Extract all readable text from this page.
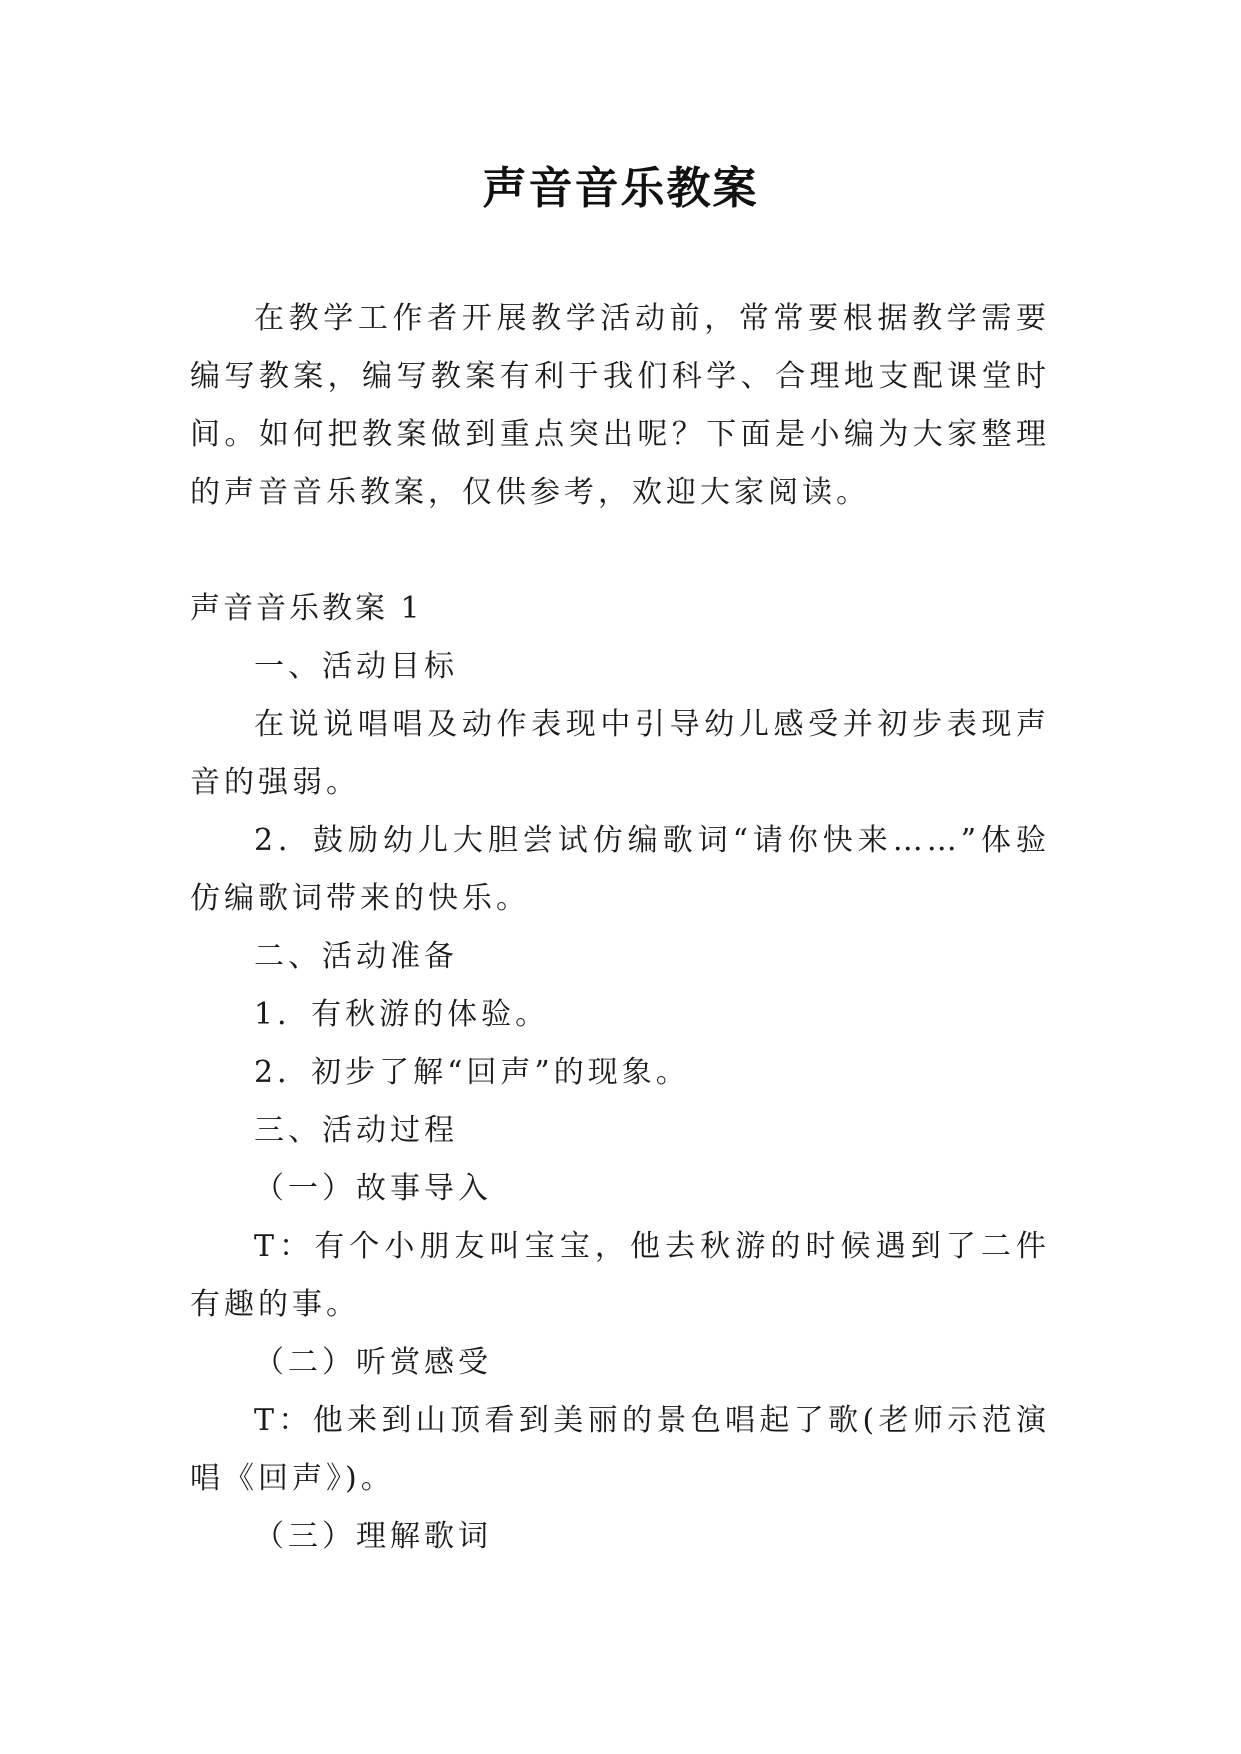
声音音乐教案

在教学工作者开展教学活动前，常常要根据教学需要编写教案，编写教案有利于我们科学、合理地支配课堂时间。如何把教案做到重点突出呢？下面是小编为大家整理的声音音乐教案，仅供参考，欢迎大家阅读。

声音音乐教案 1

一、活动目标

在说说唱唱及动作表现中引导幼儿感受并初步表现声音的强弱。

2．鼓励幼儿大胆尝试仿编歌词“请你快来……”体验仿编歌词带来的快乐。

二、活动准备

1．有秋游的体验。

2．初步了解“回声”的现象。

三、活动过程

（一）故事导入

T：有个小朋友叫宝宝，他去秋游的时候遇到了二件有趣的事。

（二）听赏感受

T：他来到山顶看到美丽的景色唱起了歌(老师示范演唱《回声》)。

（三）理解歌词
